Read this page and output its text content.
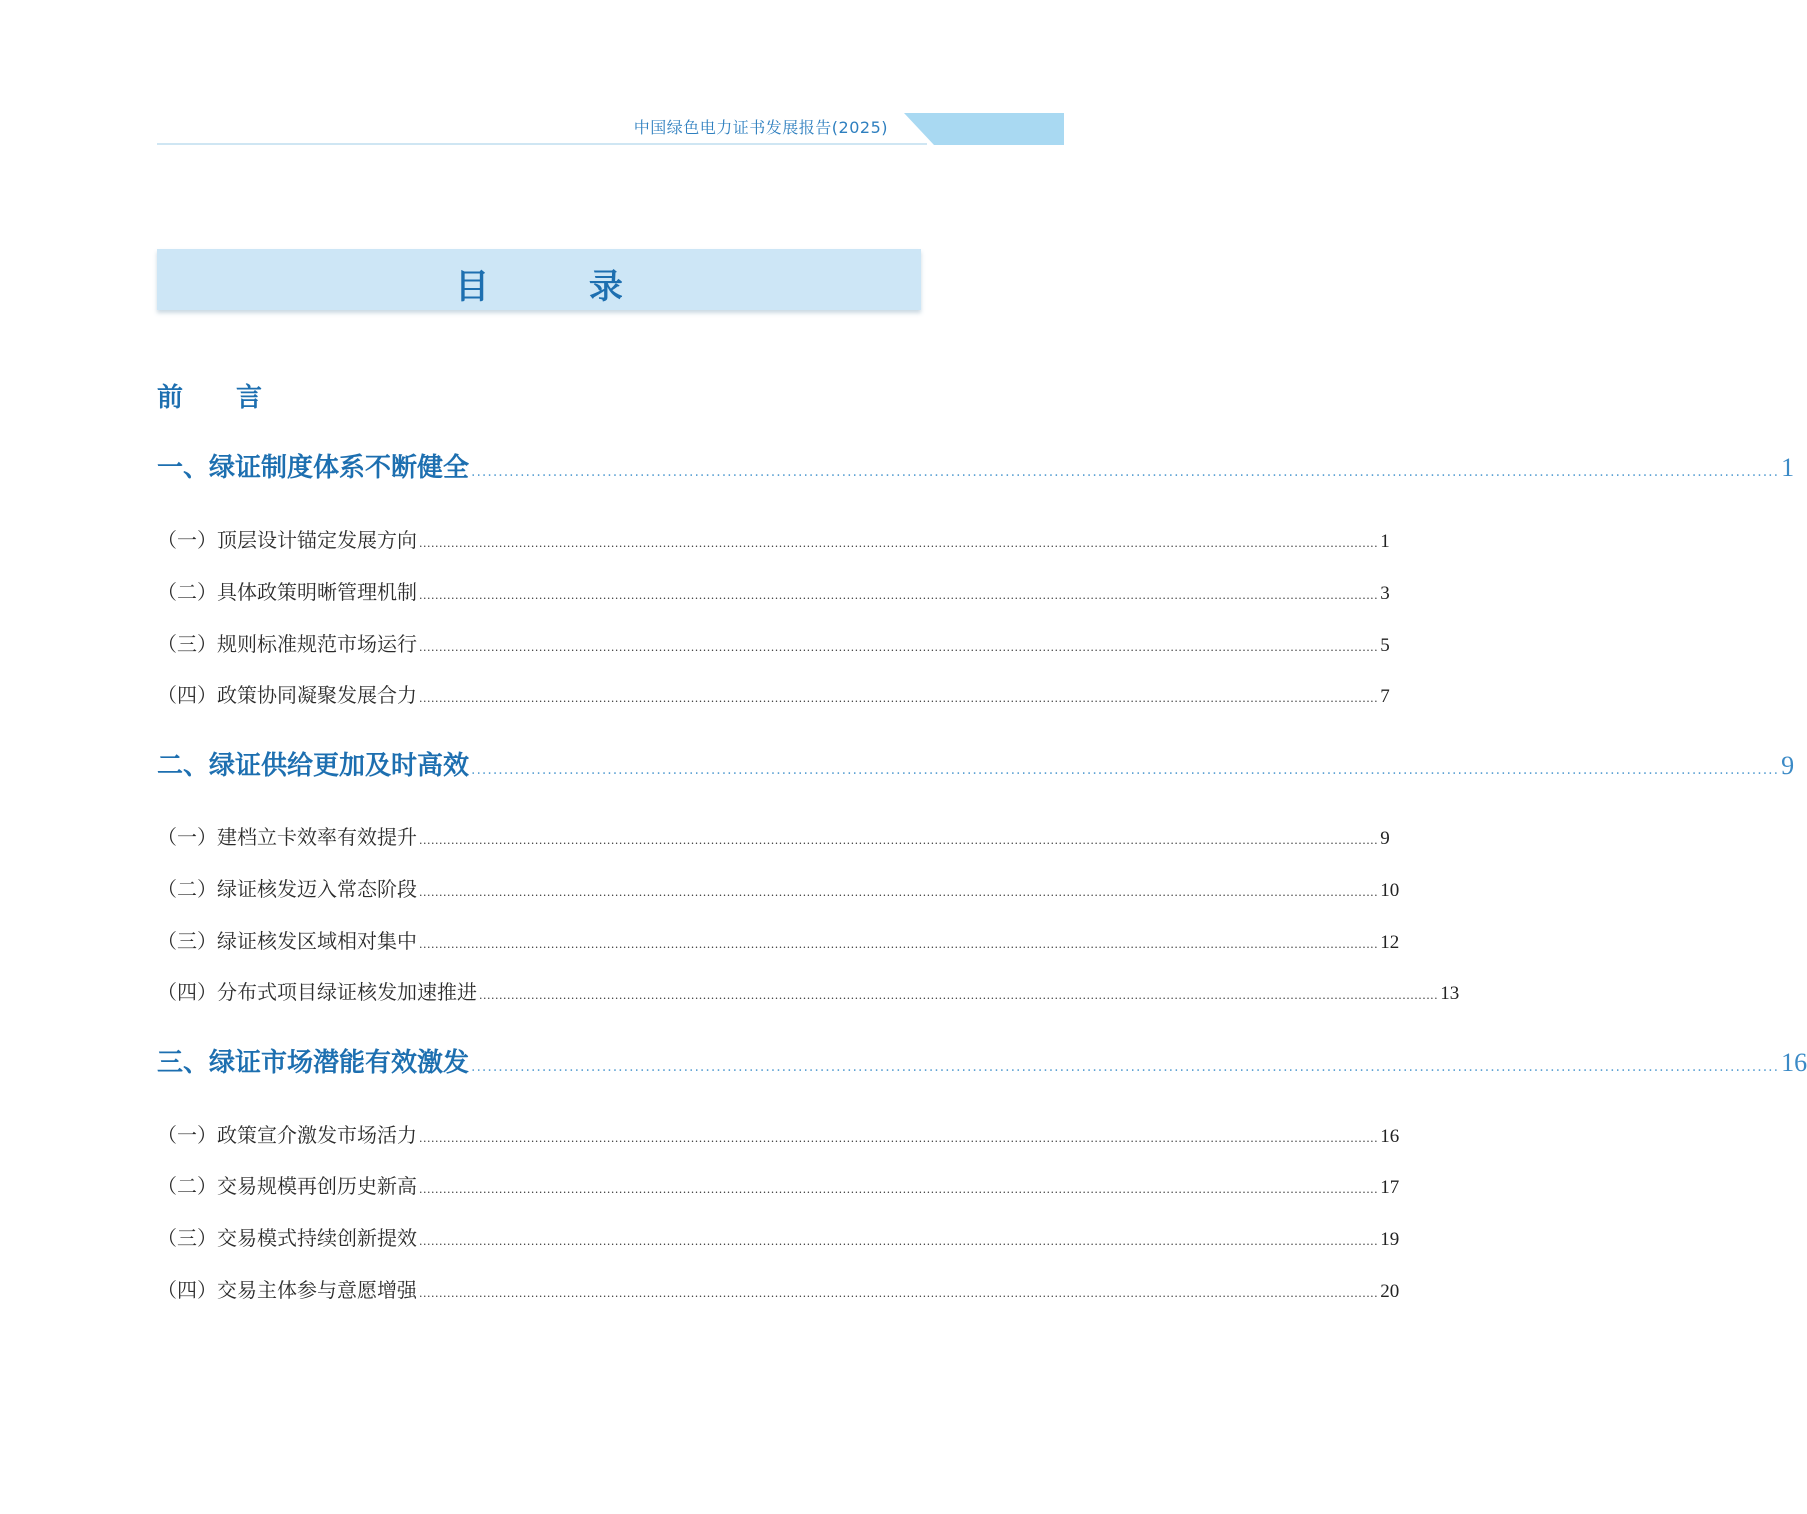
中国绿色电力证书发展报告(2025)
目 录
前 言
一、绿证制度体系不断健全 ................................................................................................................................................................................................................................................ 1
（一）顶层设计锚定发展方向 ................................................................................................................................................................................................................................................ 1
（二）具体政策明晰管理机制 ................................................................................................................................................................................................................................................ 3
（三）规则标准规范市场运行 ................................................................................................................................................................................................................................................ 5
（四）政策协同凝聚发展合力 ................................................................................................................................................................................................................................................ 7
二、绿证供给更加及时高效 ................................................................................................................................................................................................................................................ 9
（一）建档立卡效率有效提升 ................................................................................................................................................................................................................................................ 9
（二）绿证核发迈入常态阶段 ................................................................................................................................................................................................................................................ 10
（三）绿证核发区域相对集中 ................................................................................................................................................................................................................................................ 12
（四）分布式项目绿证核发加速推进 ................................................................................................................................................................................................................................................ 13
三、绿证市场潜能有效激发 ................................................................................................................................................................................................................................................ 16
（一）政策宣介激发市场活力 ................................................................................................................................................................................................................................................ 16
（二）交易规模再创历史新高 ................................................................................................................................................................................................................................................ 17
（三）交易模式持续创新提效 ................................................................................................................................................................................................................................................ 19
（四）交易主体参与意愿增强 ................................................................................................................................................................................................................................................ 20
